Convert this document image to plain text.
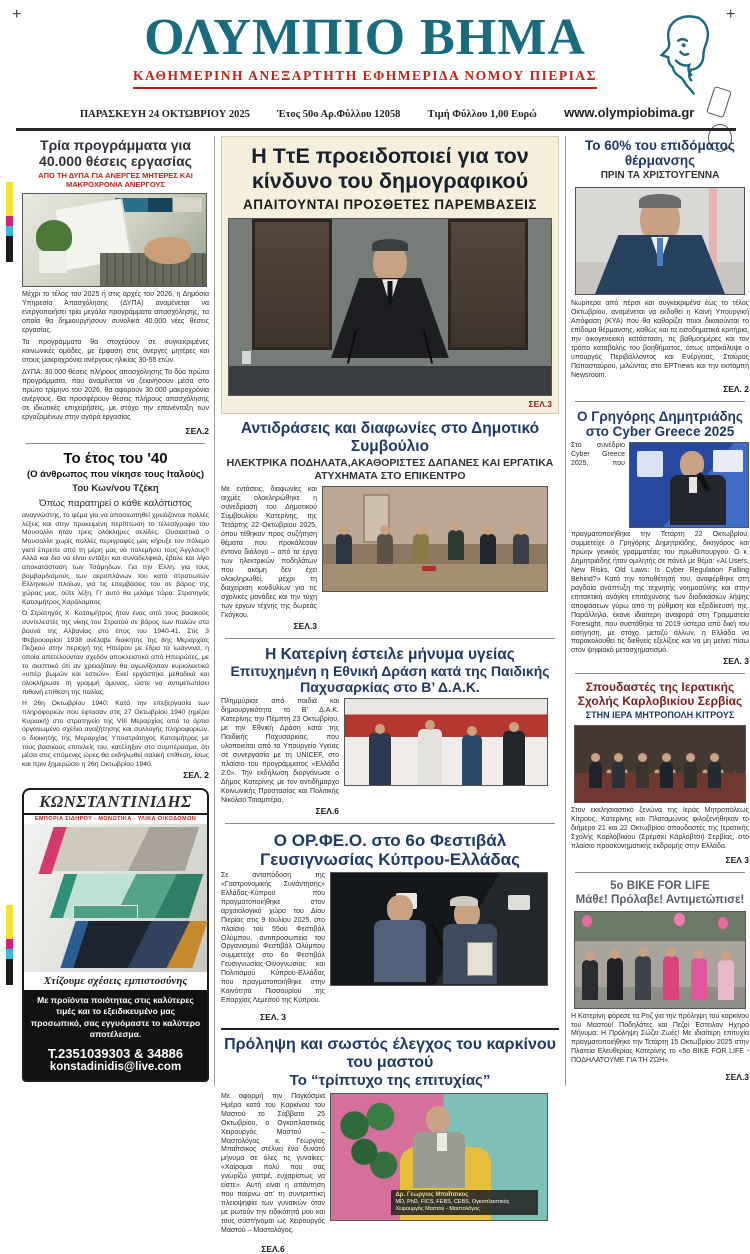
+	+
ΟΛΥΜΠΙΟ ΒΗΜΑ
ΚΑΘΗΜΕΡΙΝΗ ΑΝΕΞΑΡΤΗΤΗ ΕΦΗΜΕΡΙΔΑ ΝΟΜΟΥ ΠΙΕΡΙΑΣ
ΠΑΡΑΣΚΕΥΗ 24 ΟΚΤΩΒΡΙΟΥ 2025	Έτος 50ο Αρ.Φύλλου 12058	Τιμή Φύλλου 1,00 Ευρώ www.olympiobima.gr
Τρία προγράμματα για 40.000 θέσεις εργασίας
ΑΠΟ ΤΗ ΔΥΠΑ ΓΙΑ ΑΝΕΡΓΕΣ ΜΗΤΕΡΕΣ ΚΑΙ ΜΑΚΡΟΧΡΟΝΙΑ ΑΝΕΡΓΟΥΣ

Μέχρι το τέλος του 2025 ή στις αρχές του 2026, η Δημόσια Υπηρεσία Απασχόλησης (ΔΥΠΑ) αναμένεται να ενεργοποιήσει τρία μεγάλα προγράμματα απασχόλησης, τα οποία θα δημιουργήσουν συνολικά 40.000 νέες θέσεις εργασίας.

Τα προγράμματα θα στοχεύουν σε συγκεκριμένες κοινωνικές ομάδες, με έμφαση στις άνεργες μητέρες και στους μακροχρόνια ανέργους ηλικίας 30-55 ετών.

ΔΥΠΑ: 30.000 θέσεις πλήρους απασχόλησης Τα δύο πρώτα προγράμματα, που αναμένεται να ξεκινήσουν μέσα στο πρώτο τρίμηνο του 2026, θα αφορούν 30.000 μακροχρόνια ανέργους. Θα προσφέρουν θέσεις πλήρους απασχόλησης σε ιδιωτικές επιχειρήσεις, με στόχο την επανένταξη των εργαζομένων στην αγορά εργασίας

ΣΕΛ.2
Το έτος του '40
(Ο άνθρωπος που νίκησε τους Ιταλούς)
Του Κων/νου Τζέκη
Όπως παρατηρεί ο κάθε καλόπιστος

αναγνώστης, το ψέμα για να αποσιωπηθεί χρειάζονται πολλές λέξεις και στην προκειμένη περίπτωση το τελεσίγραφο του Μουσολίνι ήταν τρεις ολόκληρες σελίδες. Ουσιαστικά ο Μουσολίνι χωρίς πολλές περιγραφές μας κήρυξε τον πόλεμο γιατί έπρεπε από τη μέρη μας να πολεμήσει τους Άγγλους!! Αλλά και δια να είναι εντάξει και συναδελφικά, έβαλε και λίγο αποκατάσταση των Τσάμηδων. Για την Έλλη, για τους βομβαρδισμούς των αεροπλάνων του κατά στρατιωτών Ελληνικών πλοίων, για τις επεμβάσεις του σε βάρος της χώρας μας, ούτε λέξη. Γι' αυτό θα μιλάμε τώρα: Στρατηγός Κατσιμήτρος Χαράλαμπος

Ο Στρατηγός Χ. Κατσιμήτρος ήταν ένας από τους βασικούς συντελεστές της νίκης του Στρατού σε βάρος των Ιταλών στα βουνά της Αλβανίας στο έπος του 1940-41. Στις 3 Φεβρουαρίου 1938 ανέλαβε διοικητής της 8ης Μεραρχίας Πεζικού στην περιοχή της Ηπείρου με έδρα τα Ιωάννινα, η οποία απετελούνταν σχεδόν αποκλειστικά από Ηπειρώτες, με το σκεπτικό ότι αν χρειαζόταν θα αγωνίζονταν κυριολεκτικά «υπέρ βωμών και εστιών». Εκεί εργάστηκε μεθοδικά και ολοκλήρωσε τη γραμμή άμυνας, ώστε να αντιμετωπίσει πιθανή επίθεση της Ιταλίας.

Η 26η Οκτωβρίου 1940: Κατά την επεξεργασία των πληροφοριών που έφτασαν στις 27 Οκτωβρίου 1940 (ημέρα Κυριακή) στο στρατηγείο της VIII Μεραρχίας από το άρτια οργανωμένο σχέδιο αναζήτησης και συλλογής πληροφοριών, ο διοικητής της Μεραρχίας Υποστράτηγος Κατσιμήτρος με τους βασικούς επιτελείς του, κατέληξαν στο συμπέρασμα, ότι μέσα στις επόμενες ώρες θα εκδηλωθεί ιταλική επίθεση, ίσως και πριν ξημερώσει η 26η Οκτωβρίου 1940.

ΣΕΛ. 2
ΚΩΝΣΤΑΝΤΙΝΙΔΗΣ
ΕΜΠΟΡΙΑ ΣΙΔΗΡΟΥ - ΜΟΝΩΤΙΚΑ - ΥΛΙΚΑ ΟΙΚΟΔΟΜΩΝ
Χτίζουμε σχέσεις εμπιστοσύνης
Με προϊόντα ποιότητας στις καλύτερες τιμές και το εξειδικευμένο μας προσωπικό, σας εγγυόμαστε το καλύτερο αποτέλεσμα.
Τ.2351039303 & 34886
konstadinidis@live.com
Η ΤτΕ προειδοποιεί για τον κίνδυνο του δημογραφικού
ΑΠΑΙΤΟΥΝΤΑΙ ΠΡΟΣΘΕΤΕΣ ΠΑΡΕΜΒΑΣΕΙΣ
ΣΕΛ.3
Αντιδράσεις και διαφωνίες στο Δημοτικό Συμβούλιο
ΗΛΕΚΤΡΙΚΑ ΠΟΔΗΛΑΤΑ,ΑΚΑΘΟΡΙΣΤΕΣ ΔΑΠΑΝΕΣ ΚΑΙ ΕΡΓΑΤΙΚΑ ΑΤΥΧΗΜΑΤΑ ΣΤΟ ΕΠΙΚΕΝΤΡΟ

Με εντάσεις, διαφωνίες και αιχμές ολοκληρώθηκε η συνεδρίαση του Δημοτικού Συμβουλίου Κατερίνης, της Τετάρτης 22 Οκτωβρίου 2025, όπου τέθηκαν προς συζήτηση θέματα που προκάλεσαν έντονο διάλογο – από τα έργα των ηλεκτρικών ποδηλάτων που ακόμη δεν έχει ολοκληρωθεί, μέχρι τη διαχείριση κονδυλίων για τις σχολικές μονάδες και την τύχη των έργων τέχνης της δωρεάς Γκόγκου.

ΣΕΛ.3
Η Κατερίνη έστειλε μήνυμα υγείας
Επιτυχημένη η Εθνική Δράση κατά της Παιδικής Παχυσαρκίας στο Β’ Δ.Α.Κ.

Πλημμύρισε από παιδιά και δημιουργικότητα το Β’ Δ.Α.Κ. Κατερίνης την Πέμπτη 23 Οκτωβρίου, με την Εθνική Δράση κατά της Παιδικής Παχυσαρκίας, που υλοποιείται από το Υπουργείο Υγείας σε συνεργασία με τη UNICEF, στο πλαίσιο του προγράμματος «Ελλάδα 2.0». Την εκδήλωση διοργάνωσε ο Δήμος Κατερίνης με τον αντιδήμαρχο Κοινωνικής Προστασίας και Πολιτικής Νικόλαο Τσιαμπέρα.

ΣΕΛ.6
Ο ΟΡ.ΦΕ.Ο. στο 6ο Φεστιβάλ Γευσιγνωσίας Κύπρου-Ελλάδας

Σε ανταπόδοση της «Γαστρονομικής Συνάντησης» Ελλάδας-Κύπρου που πραγματοποιήθηκε στον αρχαιολογικό χώρο του Δίου Πιερίας στις 9 Ιουλίου 2025, στο πλαίσιο του 55ου Φεστιβάλ Ολύμπου, αντιπροσωπεία του Οργανισμού Φεστιβάλ Ολύμπου συμμετείχε στο 6ο Φεστιβάλ Γευσιγνωσίας-Οινογνωσίας και Πολιτισμού Κύπρου-Ελλάδας που πραγματοποιήθηκε στην Κοινότητα Πισσουρίου της Επαρχίας Λεμεσού της Κύπρου.

ΣΕΛ. 3
Πρόληψη και σωστός έλεγχος του καρκίνου του μαστού
Το “τρίπτυχο της επιτυχίας”

Με αφορμή την Παγκόσμια Ημέρα κατά του Καρκίνου του Μαστού το Σάββατο 25 Οκτωβρίου, ο Ογκοπλαστικός Χειρουργός Μαστού – Μαστολόγος κ. Γεώργιος Μπαΐτσικος στέλνει ένα δυνατό μήνυμα σε όλες τις γυναίκες: «Χαίρομαι πολύ που σας γνωρίζω γιατρέ, ευχαρίστως να είστε». Αυτή είναι η απάντηση που παίρνω απ’ τη συντριπτική πλειοψηφία των γυναικών όταν με ρωτούν την ειδικότητά μου και τους συστήνομαι ως Χειρουργός Μαστού – Μαστολόγος.

ΣΕΛ.6
Δρ. Γεώργιος Μπαΐτσικος
MD, PhD, FICS, FEBS, CEBS, Ογκοπλαστικός Χειρουργός Μαστού - Μαστολόγος
Το 60% του επιδόματος θέρμανσης
ΠΡΙΝ ΤΑ ΧΡΙΣΤΟΥΓΕΝΝΑ

Νωρίτερα από πέρσι και συγκεκριμένα έως το τέλος Οκτωβρίου, αναμένεται να εκδοθεί η Κοινή Υπουργική Απόφαση (ΚΥΑ) που θα καθορίζει ποιοι δικαιούνται το επίδομα θέρμανσης, καθώς και τα εισοδηματικά κριτήρια, την οικογενειακή κατάσταση, τις βαθμοημέρες και τον τρόπο καταβολής του βοηθήματος, όπως αποκάλυψε ο υπουργός Περιβάλλοντος και Ενέργειας, Σταύρος Παπασταύρου, μιλώντας στο ΕΡΤnews και την εκπομπή Newsroom.

ΣΕΛ. 2
Ο Γρηγόρης Δημητριάδης στο Cyber Greece 2025

Στο συνέδριο Cyber Greece 2025, που πραγματοποιήθηκε την Τετάρτη 22 Οκτωβρίου, συμμετείχε ο Γρηγόρης Δημητριάδης, δικηγόρος και πρώην γενικός γραμματέας του πρωθυπουργού. Ο κ. Δημητριάδης ήταν ομιλητής σε πάνελ με θέμα: «AI Users, New Risks, Old Laws: Is Cyber Regulation Falling Behind?» Κατά την τοποθέτησή του, αναφέρθηκε στη ραγδαία ανάπτυξη της τεχνητής νοημοσύνης και στην επιτακτική ανάγκη επιτάχυνσης των διαδικασιών λήψης αποφάσεων γύρω από τη ρύθμιση και εξειδίκευσή της. Παράλληλα, έκανε ιδιαίτερη αναφορά στη Γραμματεία Foresight, που συστάθηκε το 2019 ύστερα από δική του εισήγηση, με στόχο, μεταξύ άλλων, η Ελλάδα να παρακολουθεί τις διεθνείς εξελίξεις και να μη μείνει πίσω στον ψηφιακό μετασχηματισμό.

ΣΕΛ. 3
Σπουδαστές της Ιερατικής Σχολής Καρλοβικίου Σερβίας
ΣΤΗΝ ΙΕΡΑ ΜΗΤΡΟΠΟΛΗ ΚΙΤΡΟΥΣ

Στον εκκλησιαστικό ξενώνα της Ιεράς Μητροπόλεως Κίτρους, Κατερίνης και Πλαταμώνος φιλοξενήθηκαν το διήμερο 21 και 22 Οκτωβρίου σπουδαστές της Ιερατικής Σχολής Καρλοβικίου (Σρέμσκι Κάρλοβτσι) Σερβίας, στο πλαίσιο προσκυνηματικής εκδρομής στην Ελλάδα.

ΣΕΛ 3
5ο BIKE FOR LIFE
Μάθε! Πρόλαβε! Αντιμετώπισε!

Η Κατερίνη φόρεσε τα Ροζ για την πρόληψη του καρκίνου του Μαστού! Ποδηλάτες και Πεζοί Έστειλαν Ηχηρό Μήνυμα: Η Πρόληψη Σώζει Ζωές! Με ιδιαίτερη επιτυχία πραγματοποιήθηκε την Τετάρτη 15 Οκτωβρίου 2025 στην Πλατεία Ελευθερίας Κατερίνης το «5ο BIKE FOR LIFE - ΠΟΔΗΛΑΤΟΥΜΕ ΓΙΑ ΤΗ ΖΩΗ».

ΣΕΛ.3
